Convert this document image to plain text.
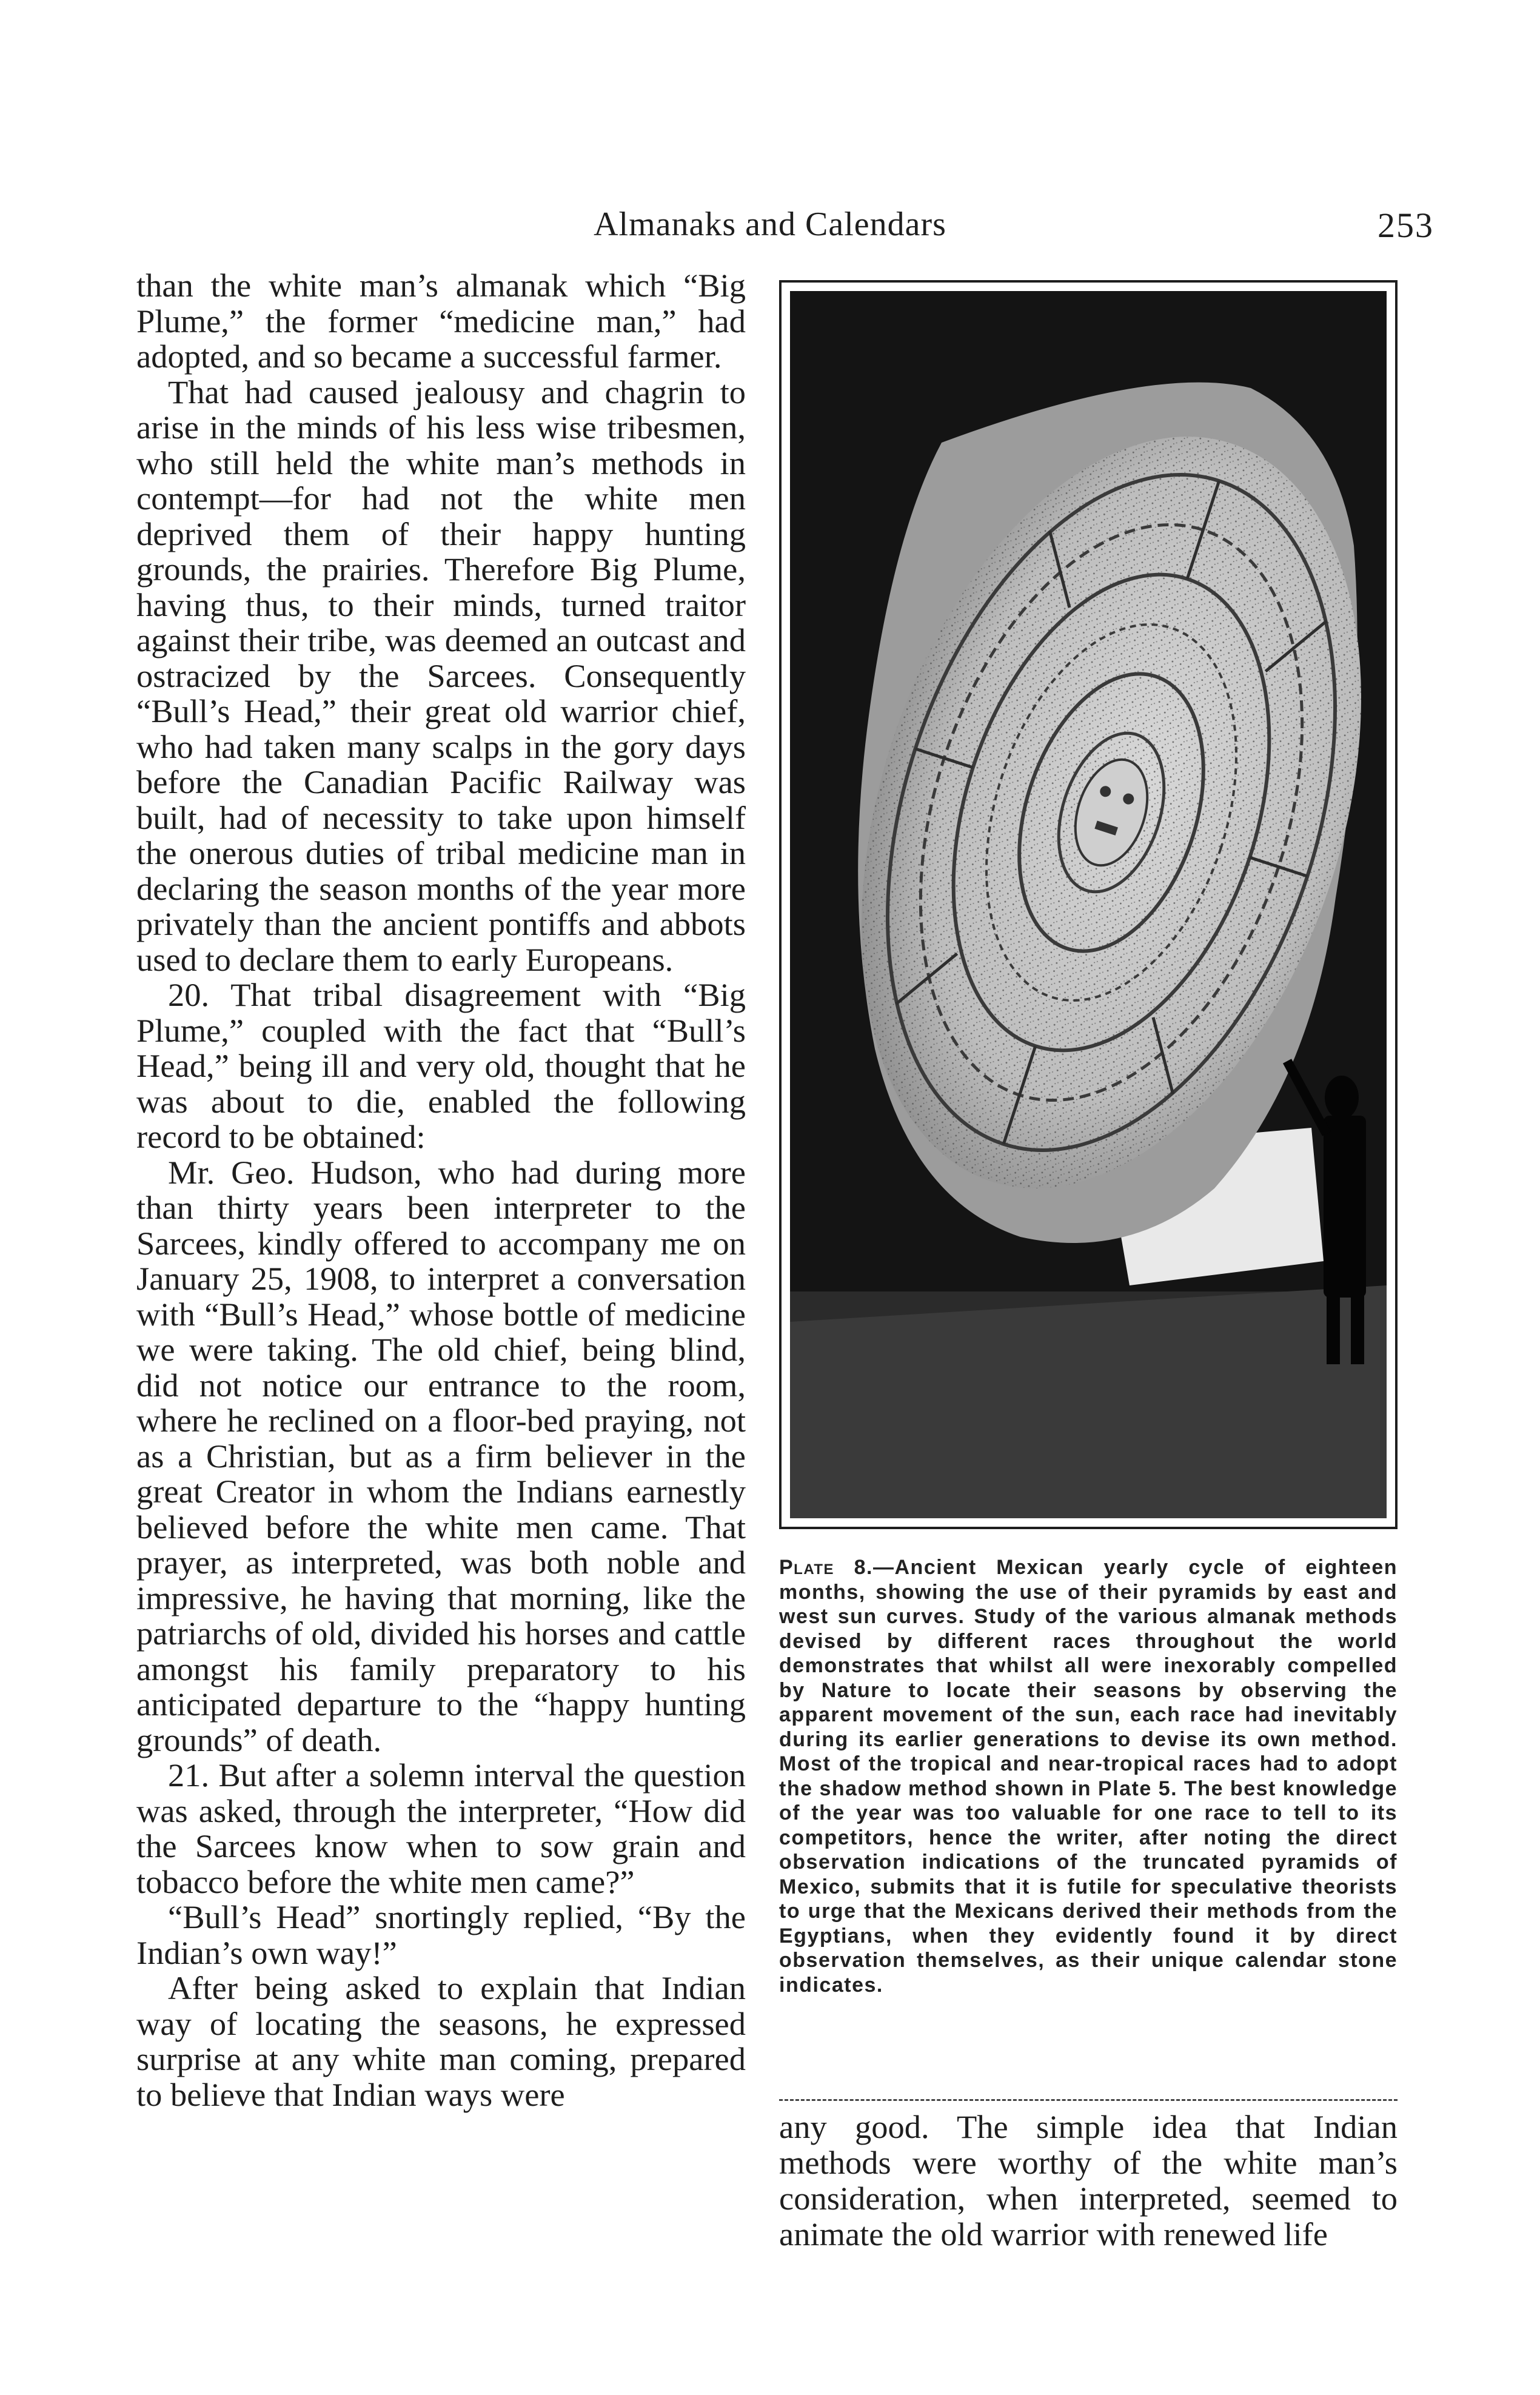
Almanaks and Calendars	253

than the white man’s almanak which “Big Plume,” the former “medicine man,” had adopted, and so became a successful farmer.

That had caused jealousy and chagrin to arise in the minds of his less wise tribesmen, who still held the white man’s methods in contempt—for had not the white men deprived them of their happy hunting grounds, the prairies. Therefore Big Plume, having thus, to their minds, turned traitor against their tribe, was deemed an outcast and ostracized by the Sarcees. Consequently “Bull’s Head,” their great old warrior chief, who had taken many scalps in the gory days before the Canadian Pacific Railway was built, had of necessity to take upon himself the onerous duties of tribal medicine man in declaring the season months of the year more privately than the ancient pontiffs and abbots used to declare them to early Europeans.

20. That tribal disagreement with “Big Plume,” coupled with the fact that “Bull’s Head,” being ill and very old, thought that he was about to die, enabled the following record to be obtained:

Mr. Geo. Hudson, who had during more than thirty years been interpreter to the Sarcees, kindly offered to accompany me on January 25, 1908, to interpret a conversation with “Bull’s Head,” whose bottle of medicine we were taking. The old chief, being blind, did not notice our entrance to the room, where he reclined on a floor-bed praying, not as a Christian, but as a firm believer in the great Creator in whom the Indians earnestly believed before the white men came. That prayer, as interpreted, was both noble and impressive, he having that morning, like the patriarchs of old, divided his horses and cattle amongst his family preparatory to his anticipated departure to the “happy hunting grounds” of death.

21. But after a solemn interval the question was asked, through the interpreter, “How did the Sarcees know when to sow grain and tobacco before the white men came?”

“Bull’s Head” snortingly replied, “By the Indian’s own way!”

After being asked to explain that Indian way of locating the seasons, he expressed surprise at any white man coming, prepared to believe that Indian ways were

Plate 8.—Ancient Mexican yearly cycle of eighteen months, showing the use of their pyramids by east and west sun curves. Study of the various almanak methods devised by different races throughout the world demonstrates that whilst all were inexorably compelled by Nature to locate their seasons by observing the apparent movement of the sun, each race had inevitably during its earlier generations to devise its own method. Most of the tropical and near-tropical races had to adopt the shadow method shown in Plate 5. The best knowledge of the year was too valuable for one race to tell to its competitors, hence the writer, after noting the direct observation indications of the truncated pyramids of Mexico, submits that it is futile for speculative theorists to urge that the Mexicans derived their methods from the Egyptians, when they evidently found it by direct observation themselves, as their unique calendar stone indicates.

any good. The simple idea that Indian methods were worthy of the white man’s consideration, when interpreted, seemed to animate the old warrior with renewed life
